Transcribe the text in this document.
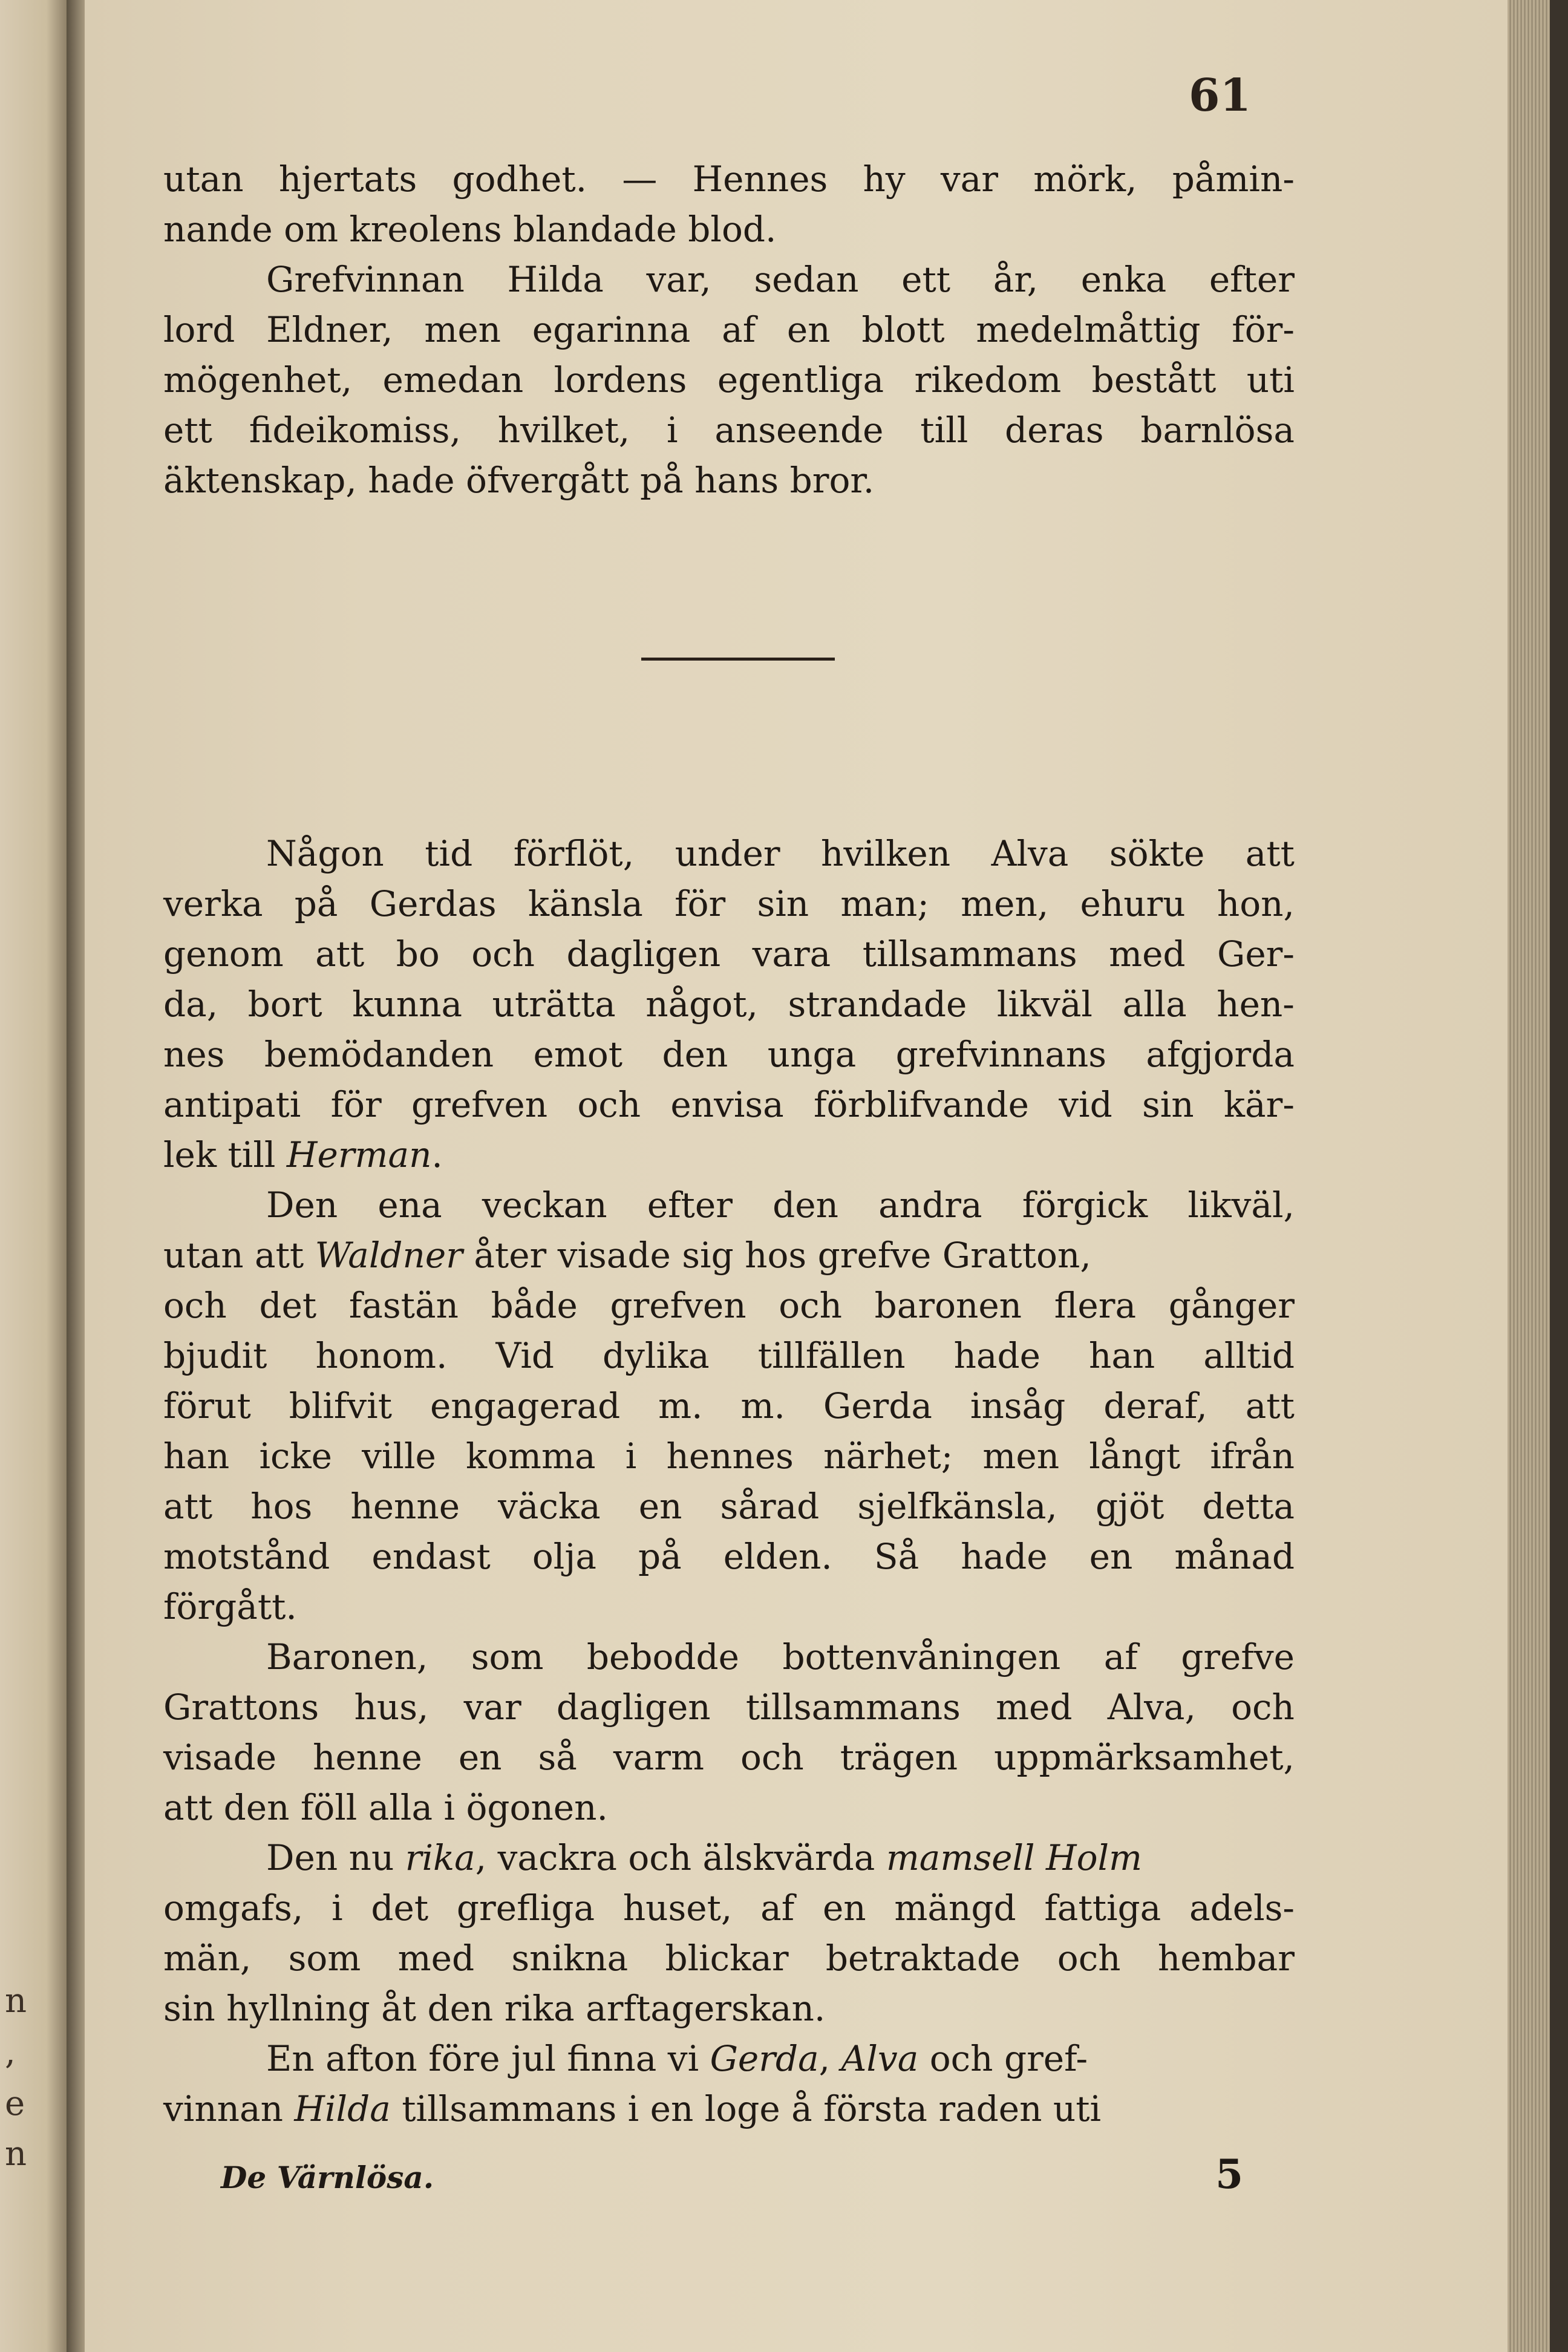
n
,
e
n
61
utan hjertats godhet. — Hennes hy var mörk, påmin-
nande om kreolens blandade blod.
Grefvinnan Hilda var, sedan ett år, enka efter
lord Eldner, men egarinna af en blott medelmåttig för-
mögenhet, emedan lordens egentliga rikedom bestått uti
ett fideikomiss, hvilket, i anseende till deras barnlösa
äktenskap, hade öfvergått på hans bror.
Någon tid förflöt, under hvilken Alva sökte att
verka på Gerdas känsla för sin man; men, ehuru hon,
genom att bo och dagligen vara tillsammans med Ger-
da, bort kunna uträtta något, strandade likväl alla hen-
nes bemödanden emot den unga grefvinnans afgjorda
antipati för grefven och envisa förblifvande vid sin kär-
lek till Herman.
Den ena veckan efter den andra förgick likväl,
utan att Waldner åter visade sig hos grefve Gratton,
och det fastän både grefven och baronen flera gånger
bjudit honom. Vid dylika tillfällen hade han alltid
förut blifvit engagerad m. m. Gerda insåg deraf, att
han icke ville komma i hennes närhet; men långt ifrån
att hos henne väcka en sårad sjelfkänsla, gjöt detta
motstånd endast olja på elden. Så hade en månad
förgått.
Baronen, som bebodde bottenvåningen af grefve
Grattons hus, var dagligen tillsammans med Alva, och
visade henne en så varm och trägen uppmärksamhet,
att den föll alla i ögonen.
Den nu rika, vackra och älskvärda mamsell Holm
omgafs, i det grefliga huset, af en mängd fattiga adels-
män, som med snikna blickar betraktade och hembar
sin hyllning åt den rika arftagerskan.
En afton före jul finna vi Gerda, Alva och gref-
vinnan Hilda tillsammans i en loge å första raden uti
De Värnlösa.	5
